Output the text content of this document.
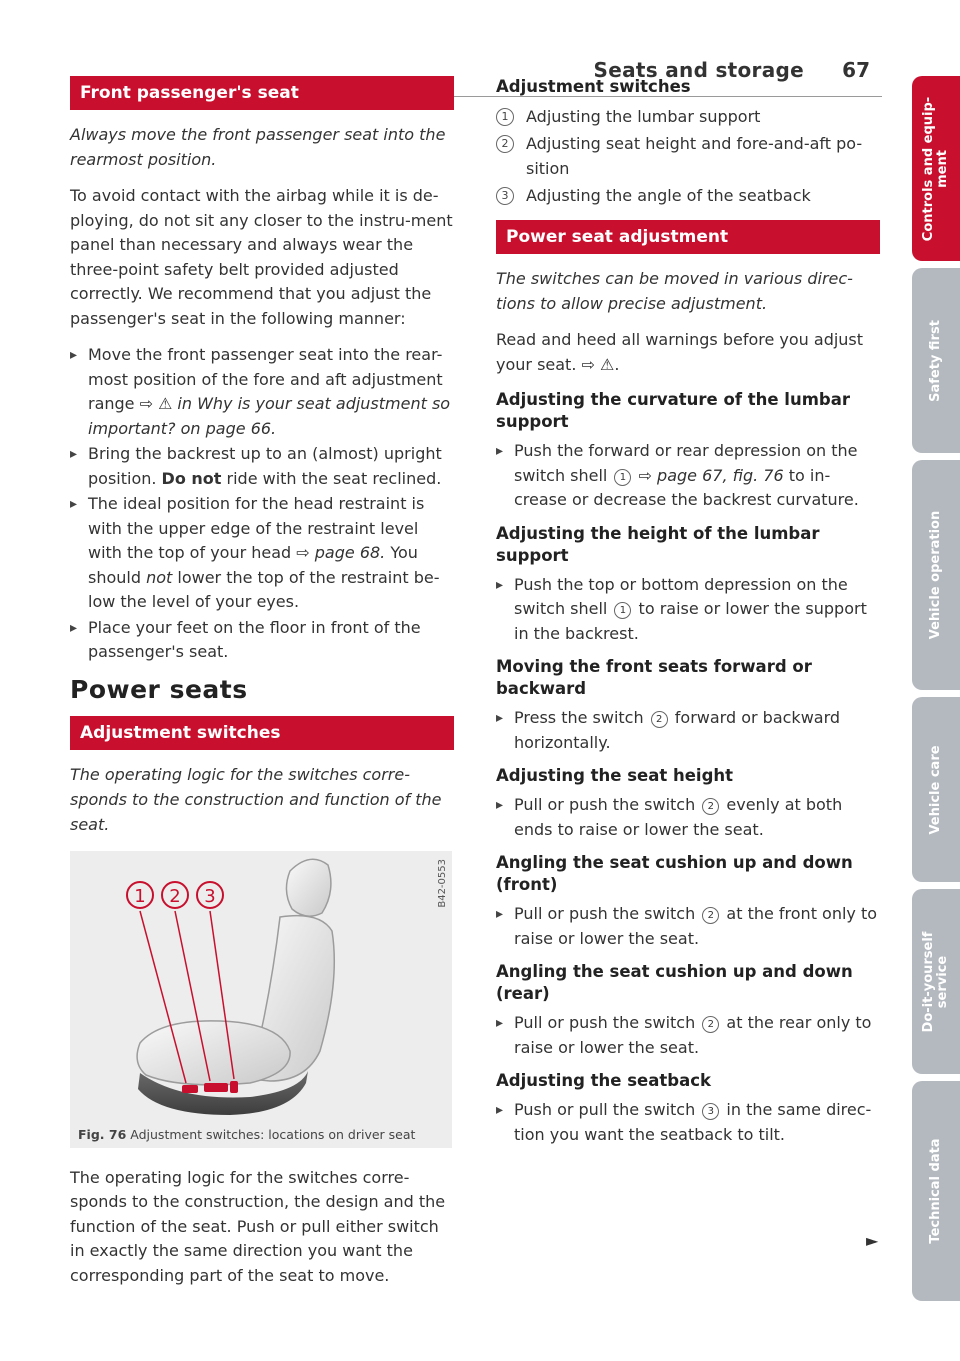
Seats and storage 67
Front passenger's seat

Always move the front passenger seat into the rearmost position.

To avoid contact with the airbag while it is de-ploying, do not sit any closer to the instru-ment panel than necessary and always wear the three-point safety belt provided adjusted correctly. We recommend that you adjust the passenger's seat in the following manner:

▸ Move the front passenger seat into the rear-most position of the fore and aft adjustment range ⇨ ⚠ in Why is your seat adjustment so important? on page 66.
▸ Bring the backrest up to an (almost) upright position. Do not ride with the seat reclined.
▸ The ideal position for the head restraint is with the upper edge of the restraint level with the top of your head ⇨ page 68. You should not lower the top of the restraint be-low the level of your eyes.
▸ Place your feet on the floor in front of the passenger's seat.
Power seats
Adjustment switches

The operating logic for the switches corre-sponds to the construction and function of the seat.

B42-0553
1 2 3
Fig. 76 Adjustment switches: locations on driver seat

The operating logic for the switches corre-sponds to the construction, the design and the function of the seat. Push or pull either switch in exactly the same direction you want the corresponding part of the seat to move.

Adjustment switches
1	Adjusting the lumbar support
2	Adjusting seat height and fore-and-aft po-sition
3	Adjusting the angle of the seatback
Power seat adjustment

The switches can be moved in various direc-tions to allow precise adjustment.

Read and heed all warnings before you adjust your seat. ⇨ ⚠.

Adjusting the curvature of the lumbar support
▸ Push the forward or rear depression on the switch shell 1 ⇨ page 67, fig. 76 to in-crease or decrease the backrest curvature.
Adjusting the height of the lumbar support
▸ Push the top or bottom depression on the switch shell 1 to raise or lower the support in the backrest.
Moving the front seats forward or backward
▸ Press the switch 2 forward or backward horizontally.
Adjusting the seat height
▸ Pull or push the switch 2 evenly at both ends to raise or lower the seat.
Angling the seat cushion up and down (front)
▸ Pull or push the switch 2 at the front only to raise or lower the seat.
Angling the seat cushion up and down (rear)
▸ Pull or push the switch 2 at the rear only to raise or lower the seat.
Adjusting the seatback
▸ Push or pull the switch 3 in the same direc-tion you want the seatback to tilt.
►
Controls and equip-
ment
Safety first
Vehicle operation
Vehicle care
Do-it-yourself
service
Technical data
